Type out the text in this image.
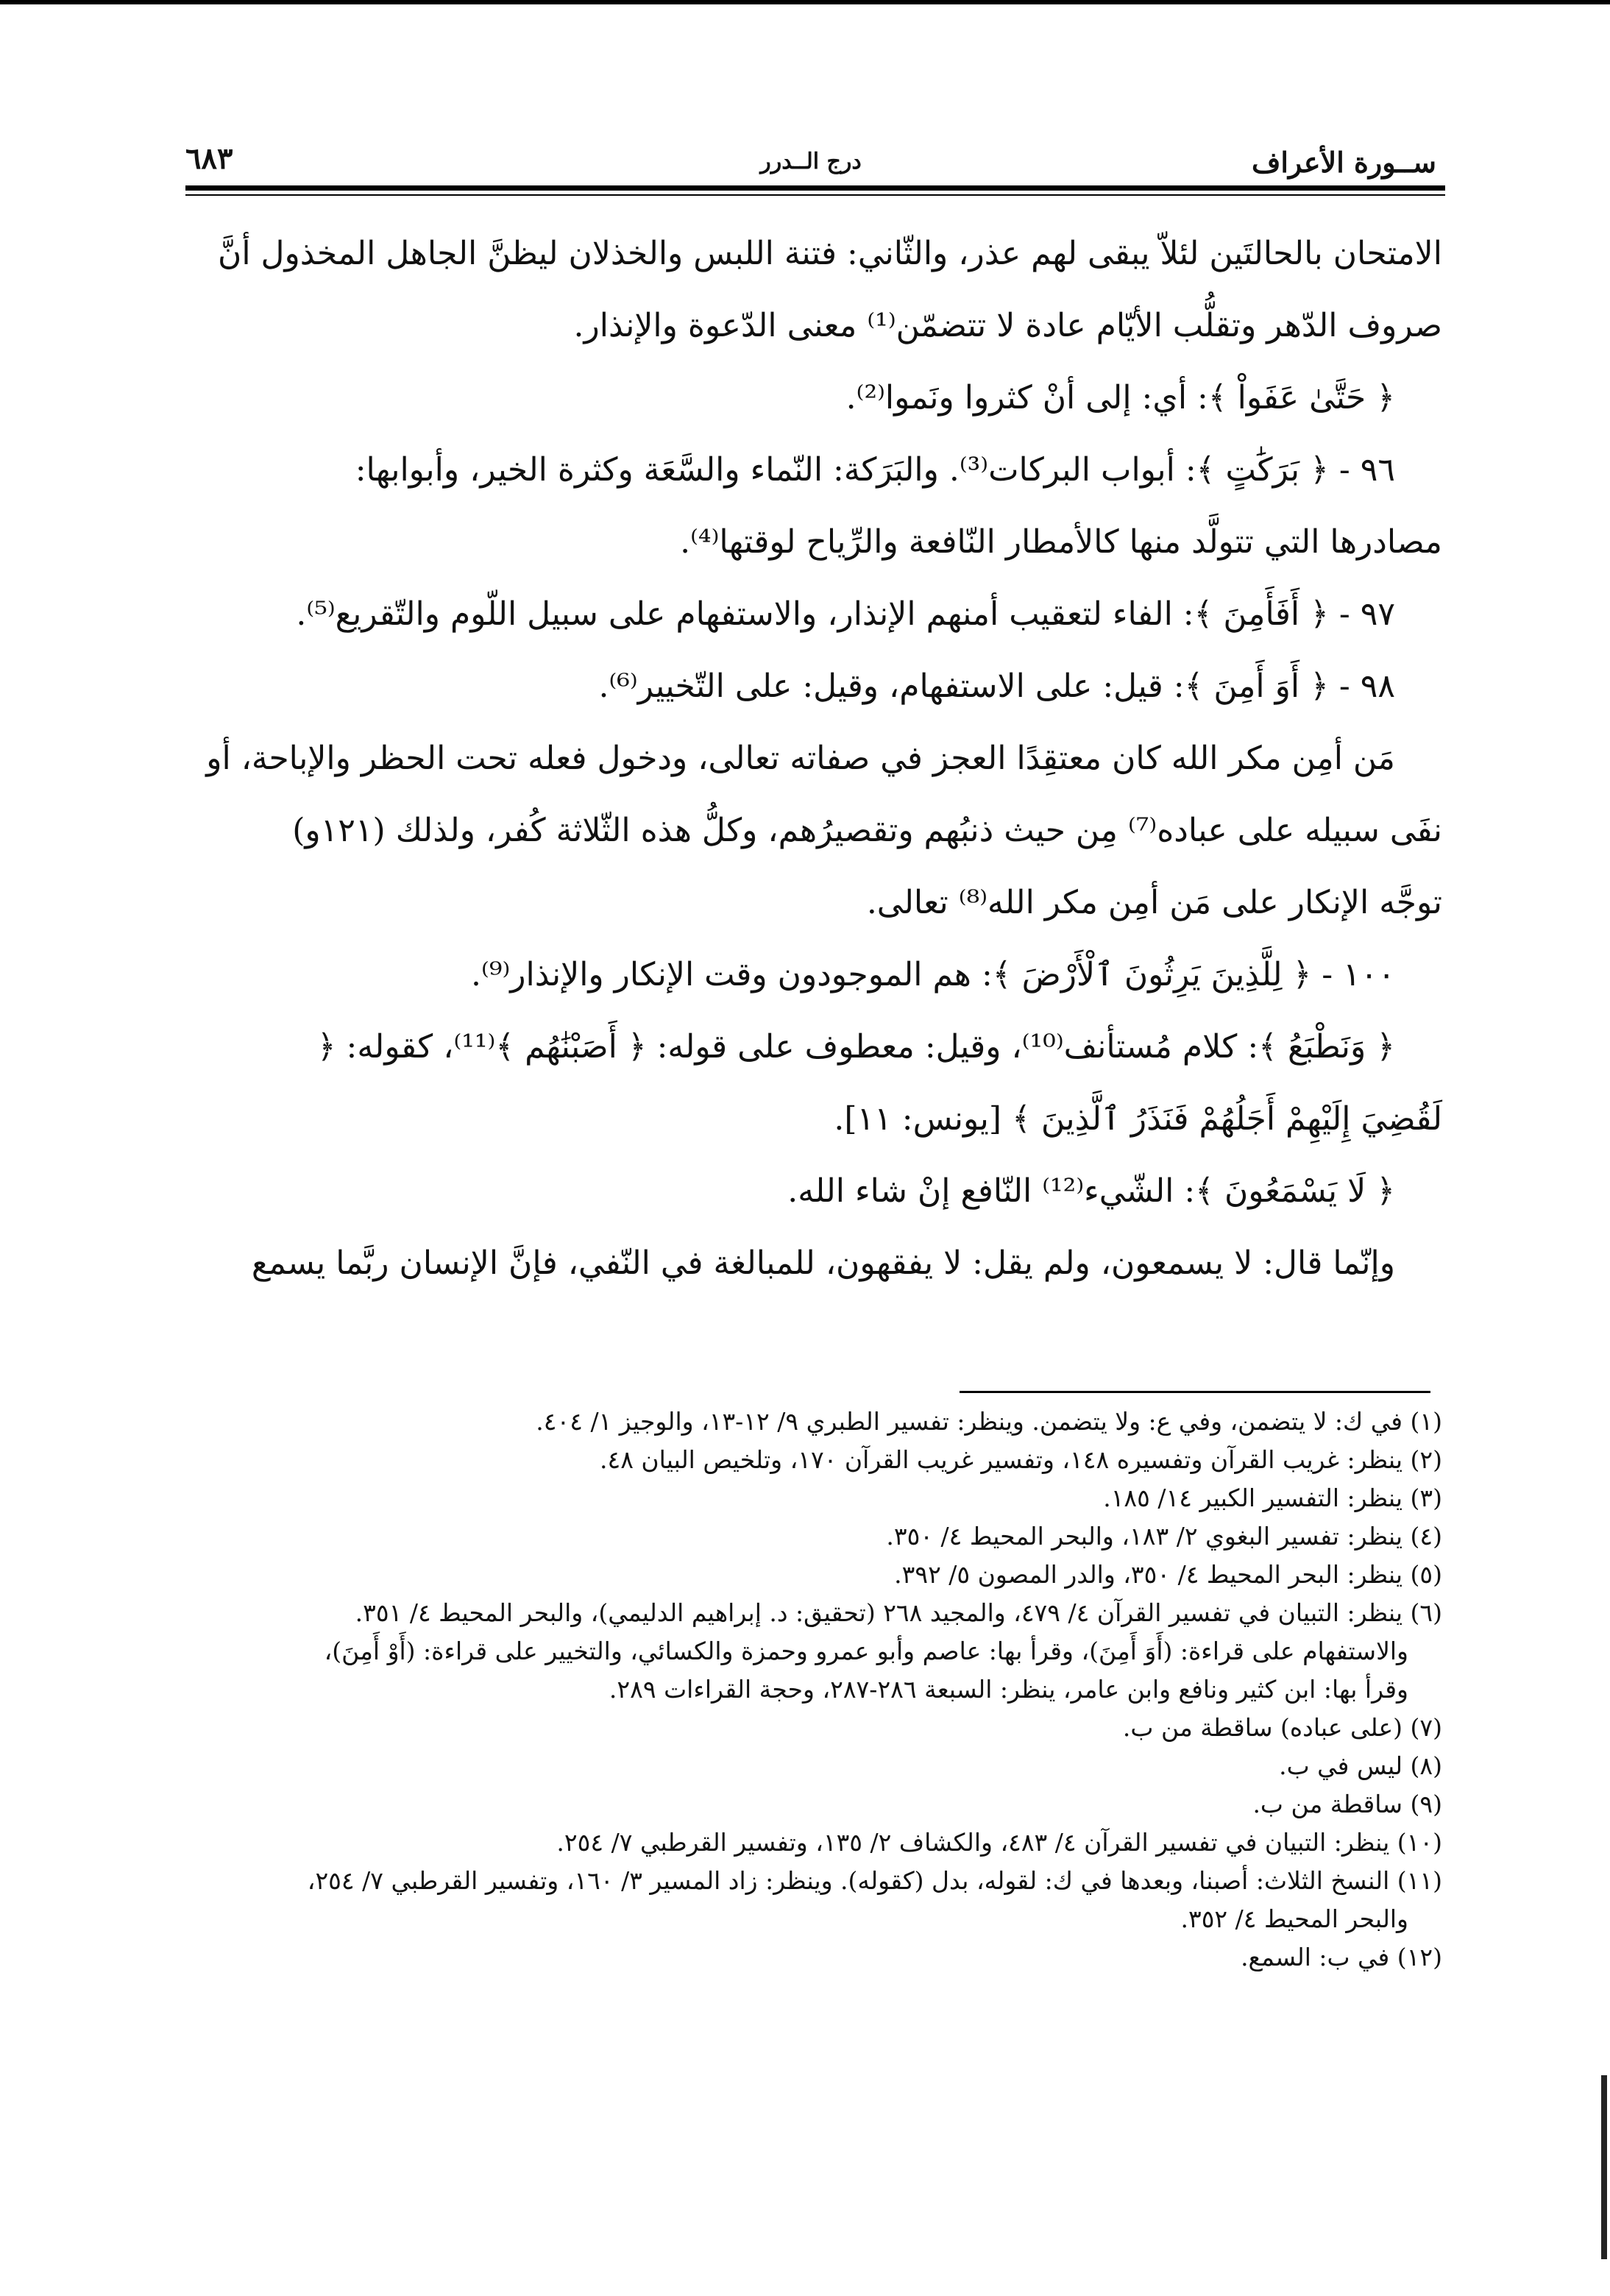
ســورة الأعراف
درج الــدرر
٦٨٣

الامتحان بالحالتَين لئلاّ يبقى لهم عذر، والثّاني: فتنة اللبس والخذلان ليظنَّ الجاهل المخذول أنَّ

صروف الدّهر وتقلُّب الأيّام عادة لا تتضمّن⁽¹⁾ معنى الدّعوة والإنذار.

﴿ حَتَّىٰ عَفَواْ ﴾: أي: إلى أنْ كثروا ونَموا⁽²⁾.

٩٦ - ﴿ بَرَكَٰتٍ ﴾: أبواب البركات⁽³⁾. والبَرَكة: النّماء والسَّعَة وكثرة الخير، وأبوابها:

مصادرها التي تتولَّد منها كالأمطار النّافعة والرِّياح لوقتها⁽⁴⁾.

٩٧ - ﴿ أَفَأَمِنَ ﴾: الفاء لتعقيب أمنهم الإنذار، والاستفهام على سبيل اللّوم والتّقريع⁽⁵⁾.

٩٨ - ﴿ أَوَ أَمِنَ ﴾: قيل: على الاستفهام، وقيل: على التّخيير⁽⁶⁾.

مَن أمِن مكر الله كان معتقِدًا العجز في صفاته تعالى، ودخول فعله تحت الحظر والإباحة، أو

نفَى سبيله على عباده⁽⁷⁾ مِن حيث ذنبُهم وتقصيرُهم، وكلُّ هذه الثّلاثة كُفر، ولذلك (١٢١و)

توجَّه الإنكار على مَن أمِن مكر الله⁽⁸⁾ تعالى.

١٠٠ - ﴿ لِلَّذِينَ يَرِثُونَ ٱلْأَرْضَ ﴾: هم الموجودون وقت الإنكار والإنذار⁽⁹⁾.

﴿ وَنَطْبَعُ ﴾: كلام مُستأنف⁽¹⁰⁾، وقيل: معطوف على قوله: ﴿ أَصَبْنَٰهُم ﴾⁽¹¹⁾، كقوله: ﴿

لَقُضِيَ إِلَيْهِمْ أَجَلُهُمْ فَنَذَرُ ٱلَّذِينَ ﴾ [يونس: ١١].

﴿ لَا يَسْمَعُونَ ﴾: الشّيء⁽¹²⁾ النّافع إنْ شاء الله.

وإنّما قال: لا يسمعون، ولم يقل: لا يفقهون، للمبالغة في النّفي، فإنَّ الإنسان ربَّما يسمع

(١) في ك: لا يتضمن، وفي ع: ولا يتضمن. وينظر: تفسير الطبري ٩/ ١٢-١٣، والوجيز ١/ ٤٠٤.

(٢) ينظر: غريب القرآن وتفسيره ١٤٨، وتفسير غريب القرآن ١٧٠، وتلخيص البيان ٤٨.

(٣) ينظر: التفسير الكبير ١٤/ ١٨٥.

(٤) ينظر: تفسير البغوي ٢/ ١٨٣، والبحر المحيط ٤/ ٣٥٠.

(٥) ينظر: البحر المحيط ٤/ ٣٥٠، والدر المصون ٥/ ٣٩٢.

(٦) ينظر: التبيان في تفسير القرآن ٤/ ٤٧٩، والمجيد ٢٦٨ (تحقيق: د. إبراهيم الدليمي)، والبحر المحيط ٤/ ٣٥١.

والاستفهام على قراءة: (أَوَ أَمِنَ)، وقرأ بها: عاصم وأبو عمرو وحمزة والكسائي، والتخيير على قراءة: (أَوْ أَمِنَ)،

وقرأ بها: ابن كثير ونافع وابن عامر، ينظر: السبعة ٢٨٦-٢٨٧، وحجة القراءات ٢٨٩.

(٧) (على عباده) ساقطة من ب.

(٨) ليس في ب.

(٩) ساقطة من ب.

(١٠) ينظر: التبيان في تفسير القرآن ٤/ ٤٨٣، والكشاف ٢/ ١٣٥، وتفسير القرطبي ٧/ ٢٥٤.

(١١) النسخ الثلاث: أصبنا، وبعدها في ك: لقوله، بدل (كقوله). وينظر: زاد المسير ٣/ ١٦٠، وتفسير القرطبي ٧/ ٢٥٤،

والبحر المحيط ٤/ ٣٥٢.

(١٢) في ب: السمع.
